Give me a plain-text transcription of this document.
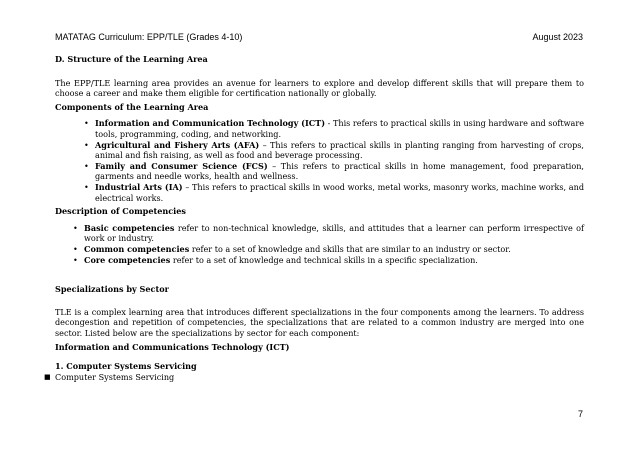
MATATAG Curriculum: EPP/TLE (Grades 4-10)	August 2023

D. Structure of the Learning Area

The EPP/TLE learning area provides an avenue for learners to explore and develop different skills that will prepare them to choose a career and make them eligible for certification nationally or globally.

Components of the Learning Area

• Information and Communication Technology (ICT) - This refers to practical skills in using hardware and software tools, programming, coding, and networking.
• Agricultural and Fishery Arts (AFA) – This refers to practical skills in planting ranging from harvesting of crops, animal and fish raising, as well as food and beverage processing.
• Family and Consumer Science (FCS) – This refers to practical skills in home management, food preparation, garments and needle works, health and wellness.
• Industrial Arts (IA) – This refers to practical skills in wood works, metal works, masonry works, machine works, and electrical works.

Description of Competencies

• Basic competencies refer to non-technical knowledge, skills, and attitudes that a learner can perform irrespective of work or industry.
• Common competencies refer to a set of knowledge and skills that are similar to an industry or sector.
• Core competencies refer to a set of knowledge and technical skills in a specific specialization.

Specializations by Sector

TLE is a complex learning area that introduces different specializations in the four components among the learners. To address decongestion and repetition of competencies, the specializations that are related to a common industry are merged into one sector. Listed below are the specializations by sector for each component:

Information and Communications Technology (ICT)

1. Computer Systems Servicing

■ Computer Systems Servicing

7
